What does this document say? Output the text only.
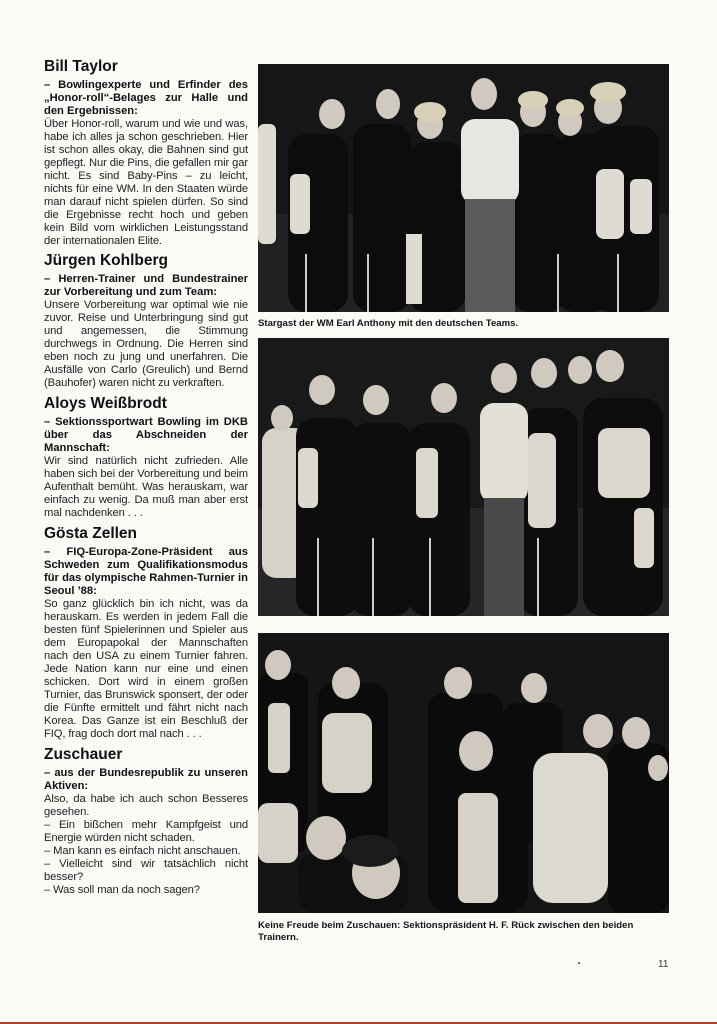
Bill Taylor

– Bowlingexperte und Erfinder des „Honor-roll“-Belages zur Halle und den Ergebnissen:

Über Honor-roll, warum und wie und was, habe ich alles ja schon geschrieben. Hier ist schon alles okay, die Bahnen sind gut gepflegt. Nur die Pins, die gefallen mir gar nicht. Es sind Baby-Pins – zu leicht, nichts für eine WM. In den Staaten würde man darauf nicht spielen dürfen. So sind die Ergebnisse recht hoch und geben kein Bild vom wirklichen Leistungsstand der internationalen Elite.

Jürgen Kohlberg

– Herren-Trainer und Bundestrainer zur Vorbereitung und zum Team:

Unsere Vorbereitung war optimal wie nie zuvor. Reise und Unterbringung sind gut und angemessen, die Stimmung durchwegs in Ordnung. Die Herren sind eben noch zu jung und unerfahren. Die Ausfälle von Carlo (Greulich) und Bernd (Bauhofer) waren nicht zu verkraften.

Aloys Weißbrodt

– Sektionssportwart Bowling im DKB über das Abschneiden der Mannschaft:

Wir sind natürlich nicht zufrieden. Alle haben sich bei der Vorbereitung und beim Aufenthalt bemüht. Was herauskam, war einfach zu wenig. Da muß man aber erst mal nachdenken . . .

Gösta Zellen

– FIQ-Europa-Zone-Präsident aus Schweden zum Qualifikationsmodus für das olympische Rahmen-Turnier in Seoul ’88:

So ganz glücklich bin ich nicht, was da herauskam. Es werden in jedem Fall die besten fünf Spielerinnen und Spieler aus dem Europapokal der Mannschaften nach den USA zu einem Turnier fahren. Jede Nation kann nur eine und einen schicken. Dort wird in einem großen Turnier, das Brunswick sponsert, der oder die Fünfte ermittelt und fährt nicht nach Korea. Das Ganze ist ein Beschluß der FIQ, frag doch dort mal nach . . .

Zuschauer

– aus der Bundesrepublik zu unseren Aktiven:

Also, da habe ich auch schon Besseres gesehen.

– Ein bißchen mehr Kampfgeist und Energie würden nicht schaden.

– Man kann es einfach nicht anschauen.

– Vielleicht sind wir tatsächlich nicht besser?

– Was soll man da noch sagen?

Stargast der WM Earl Anthony mit den deutschen Teams.
Keine Freude beim Zuschauen: Sektionspräsident H. F. Rück zwischen den beiden Trainern.
11
